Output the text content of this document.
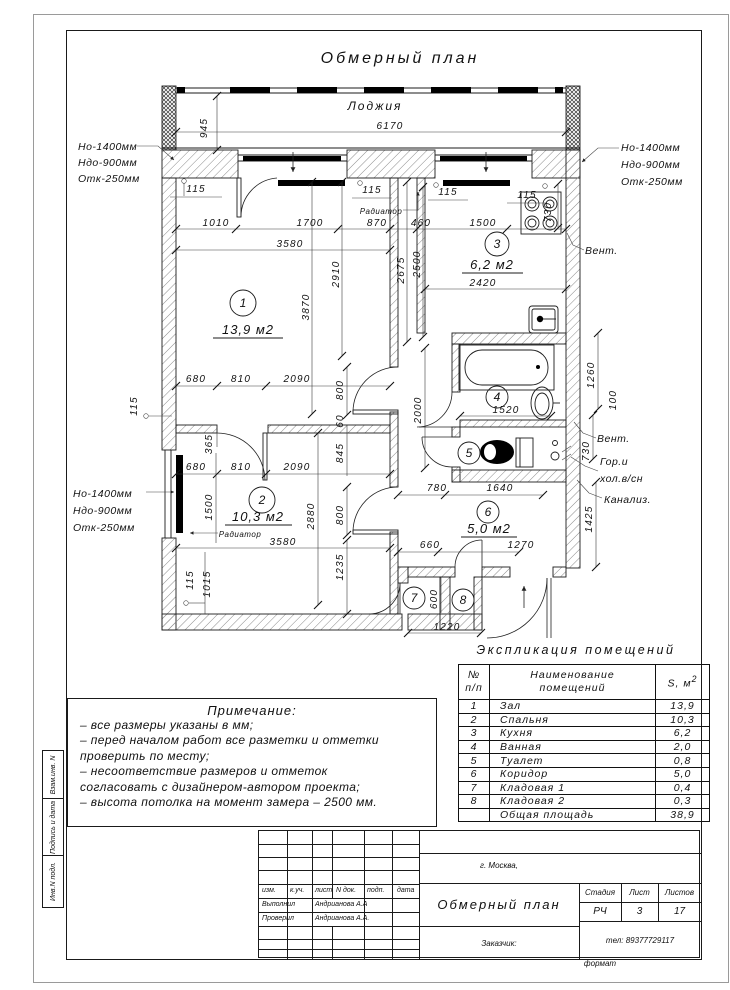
Обмерный план
Лоджия
945	6170
115	115	115	115
1010	1700	870 460	1500
3580
2420
730
2675 2500
2910
3870
680 810	2090
115
365
680 810	2090
800
60	2000
845
1500	2880 800
3580
1235
115 1015
1520
1260
100
730
780	1640
660	1270
1425
600
1220
Но-1400мм
Ндо-900мм
Отк-250мм
Но-1400мм
Ндо-900мм
Отк-250мм
Но-1400мм
Ндо-900мм
Отк-250мм
Радиатор
Радиатор
Вент.
Вент.
Гор.и
хол.в/сн
Канализ.
1
13,9 м2
2
10,3 м2
3
6,2 м2
4
5
6
5,0 м2
7	8
Примечание:
– все размеры указаны в мм;
– перед началом работ все разметки и отметки
проверить по месту;
– несоответствие размеров и отметок
согласовать с дизайнером-автором проекта;
– высота потолка на момент замера – 2500 мм.
Экспликация помещений
№
п/п

Наименование
помещений	S, $м^2$
1	Зал	13,9
2	Спальня	10,3
3	Кухня	6,2
4	Ванная	2,0
5	Туалет	0,8
6	Коридор	5,0
7	Кладовая 1	0,4
8	Кладовая 2	0,3
	Общая площадь	38,9
изм. к.уч. лист N док. подп. дата
Выполнил	Андрианова А.А
Проверил	Андрианова А.А.
г. Москва,
Обмерный план
Заказчик:
Стадия	Лист	Листов
РЧ	3	17
тел: 89377729117
формат
Взам.инв. N
Подпись и дата
Инв.N подл.
